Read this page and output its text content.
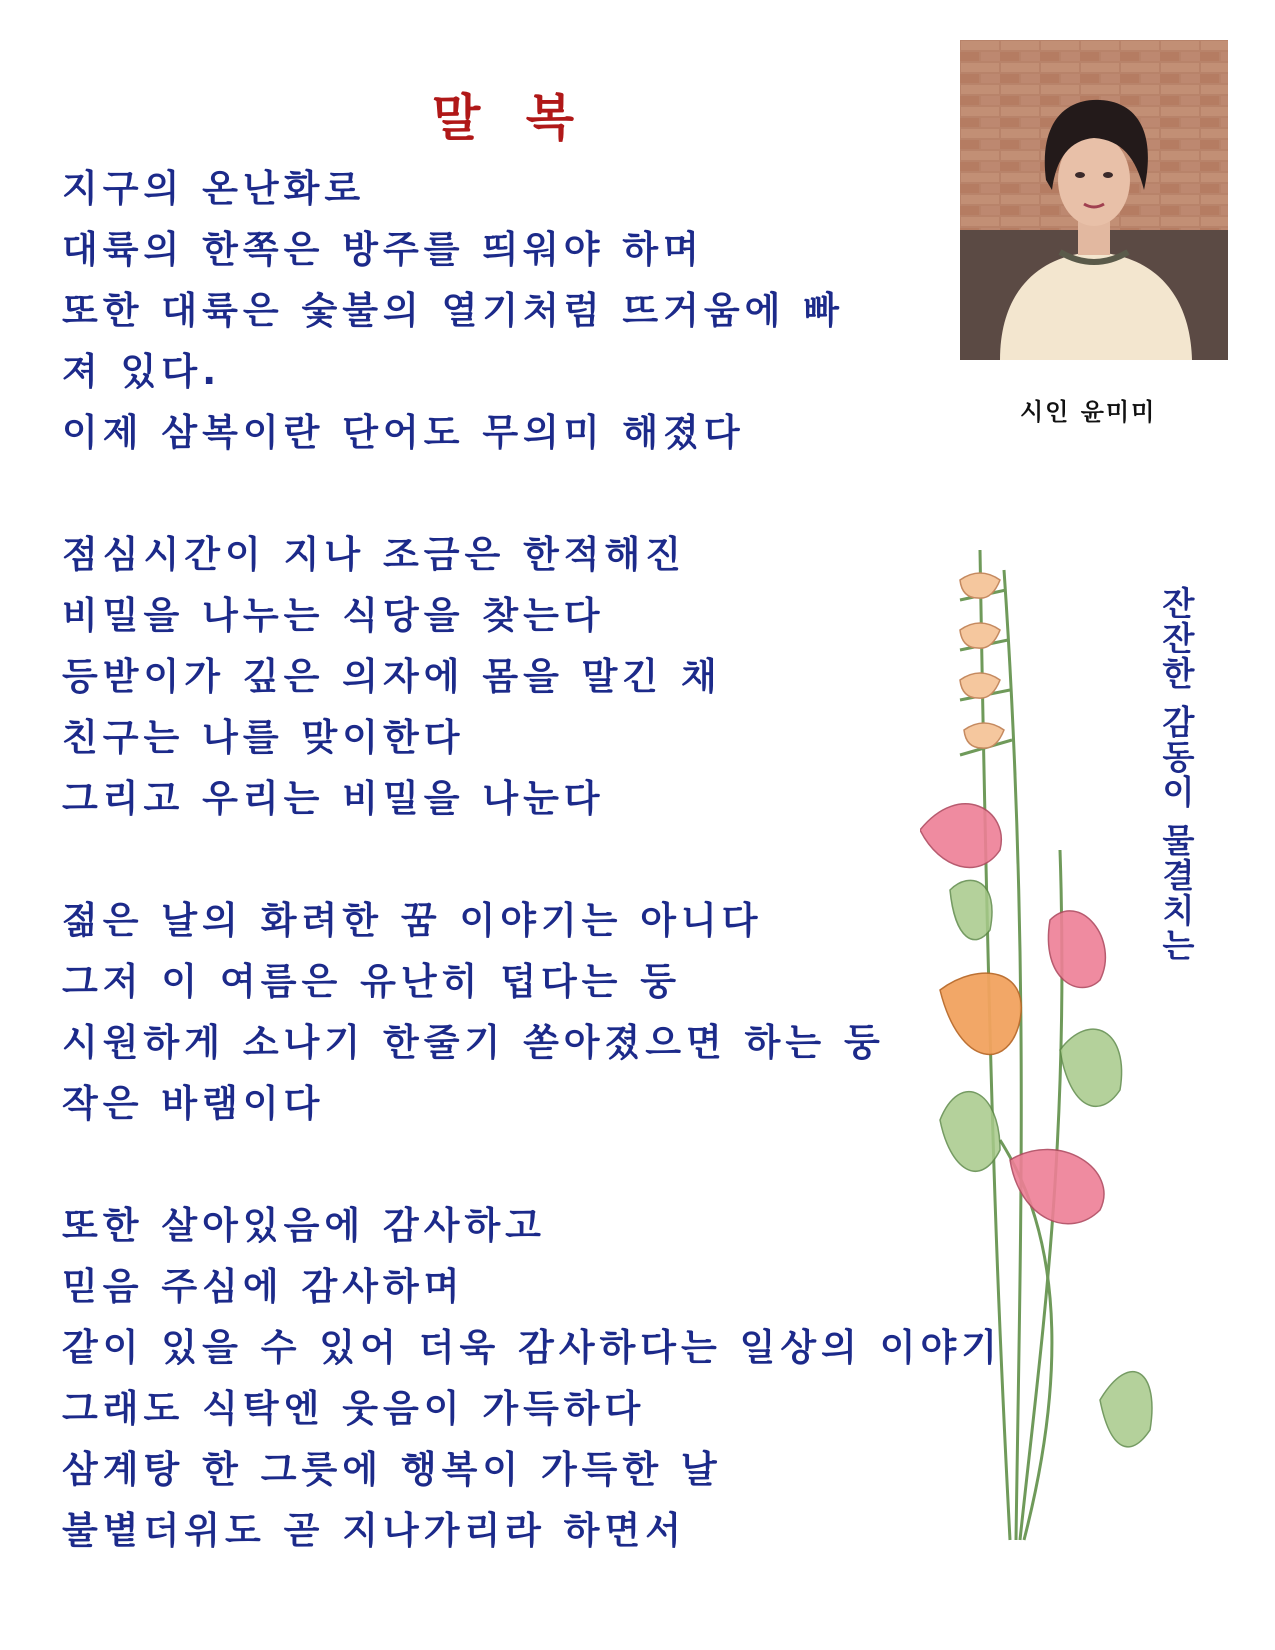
말 복
지구의 온난화로
대륙의 한쪽은 방주를 띄워야 하며
또한 대륙은 숯불의 열기처럼 뜨거움에 빠져 있다.
이제 삼복이란 단어도 무의미 해졌다
점심시간이 지나 조금은 한적해진
비밀을 나누는 식당을 찾는다
등받이가 깊은 의자에 몸을 말긴 채
친구는 나를 맞이한다
그리고 우리는 비밀을 나눈다
젊은 날의 화려한 꿈 이야기는 아니다
그저 이 여름은 유난히 덥다는 둥
시원하게 소나기 한줄기 쏟아졌으면 하는 둥
작은 바램이다
또한 살아있음에 감사하고
믿음 주심에 감사하며
같이 있을 수 있어 더욱 감사하다는 일상의 이야기
그래도 식탁엔 웃음이 가득하다
삼계탕 한 그릇에 행복이 가득한 날
불볕더위도 곧 지나가리라 하면서
시인 윤미미
잔잔한 감동이 물결치는
